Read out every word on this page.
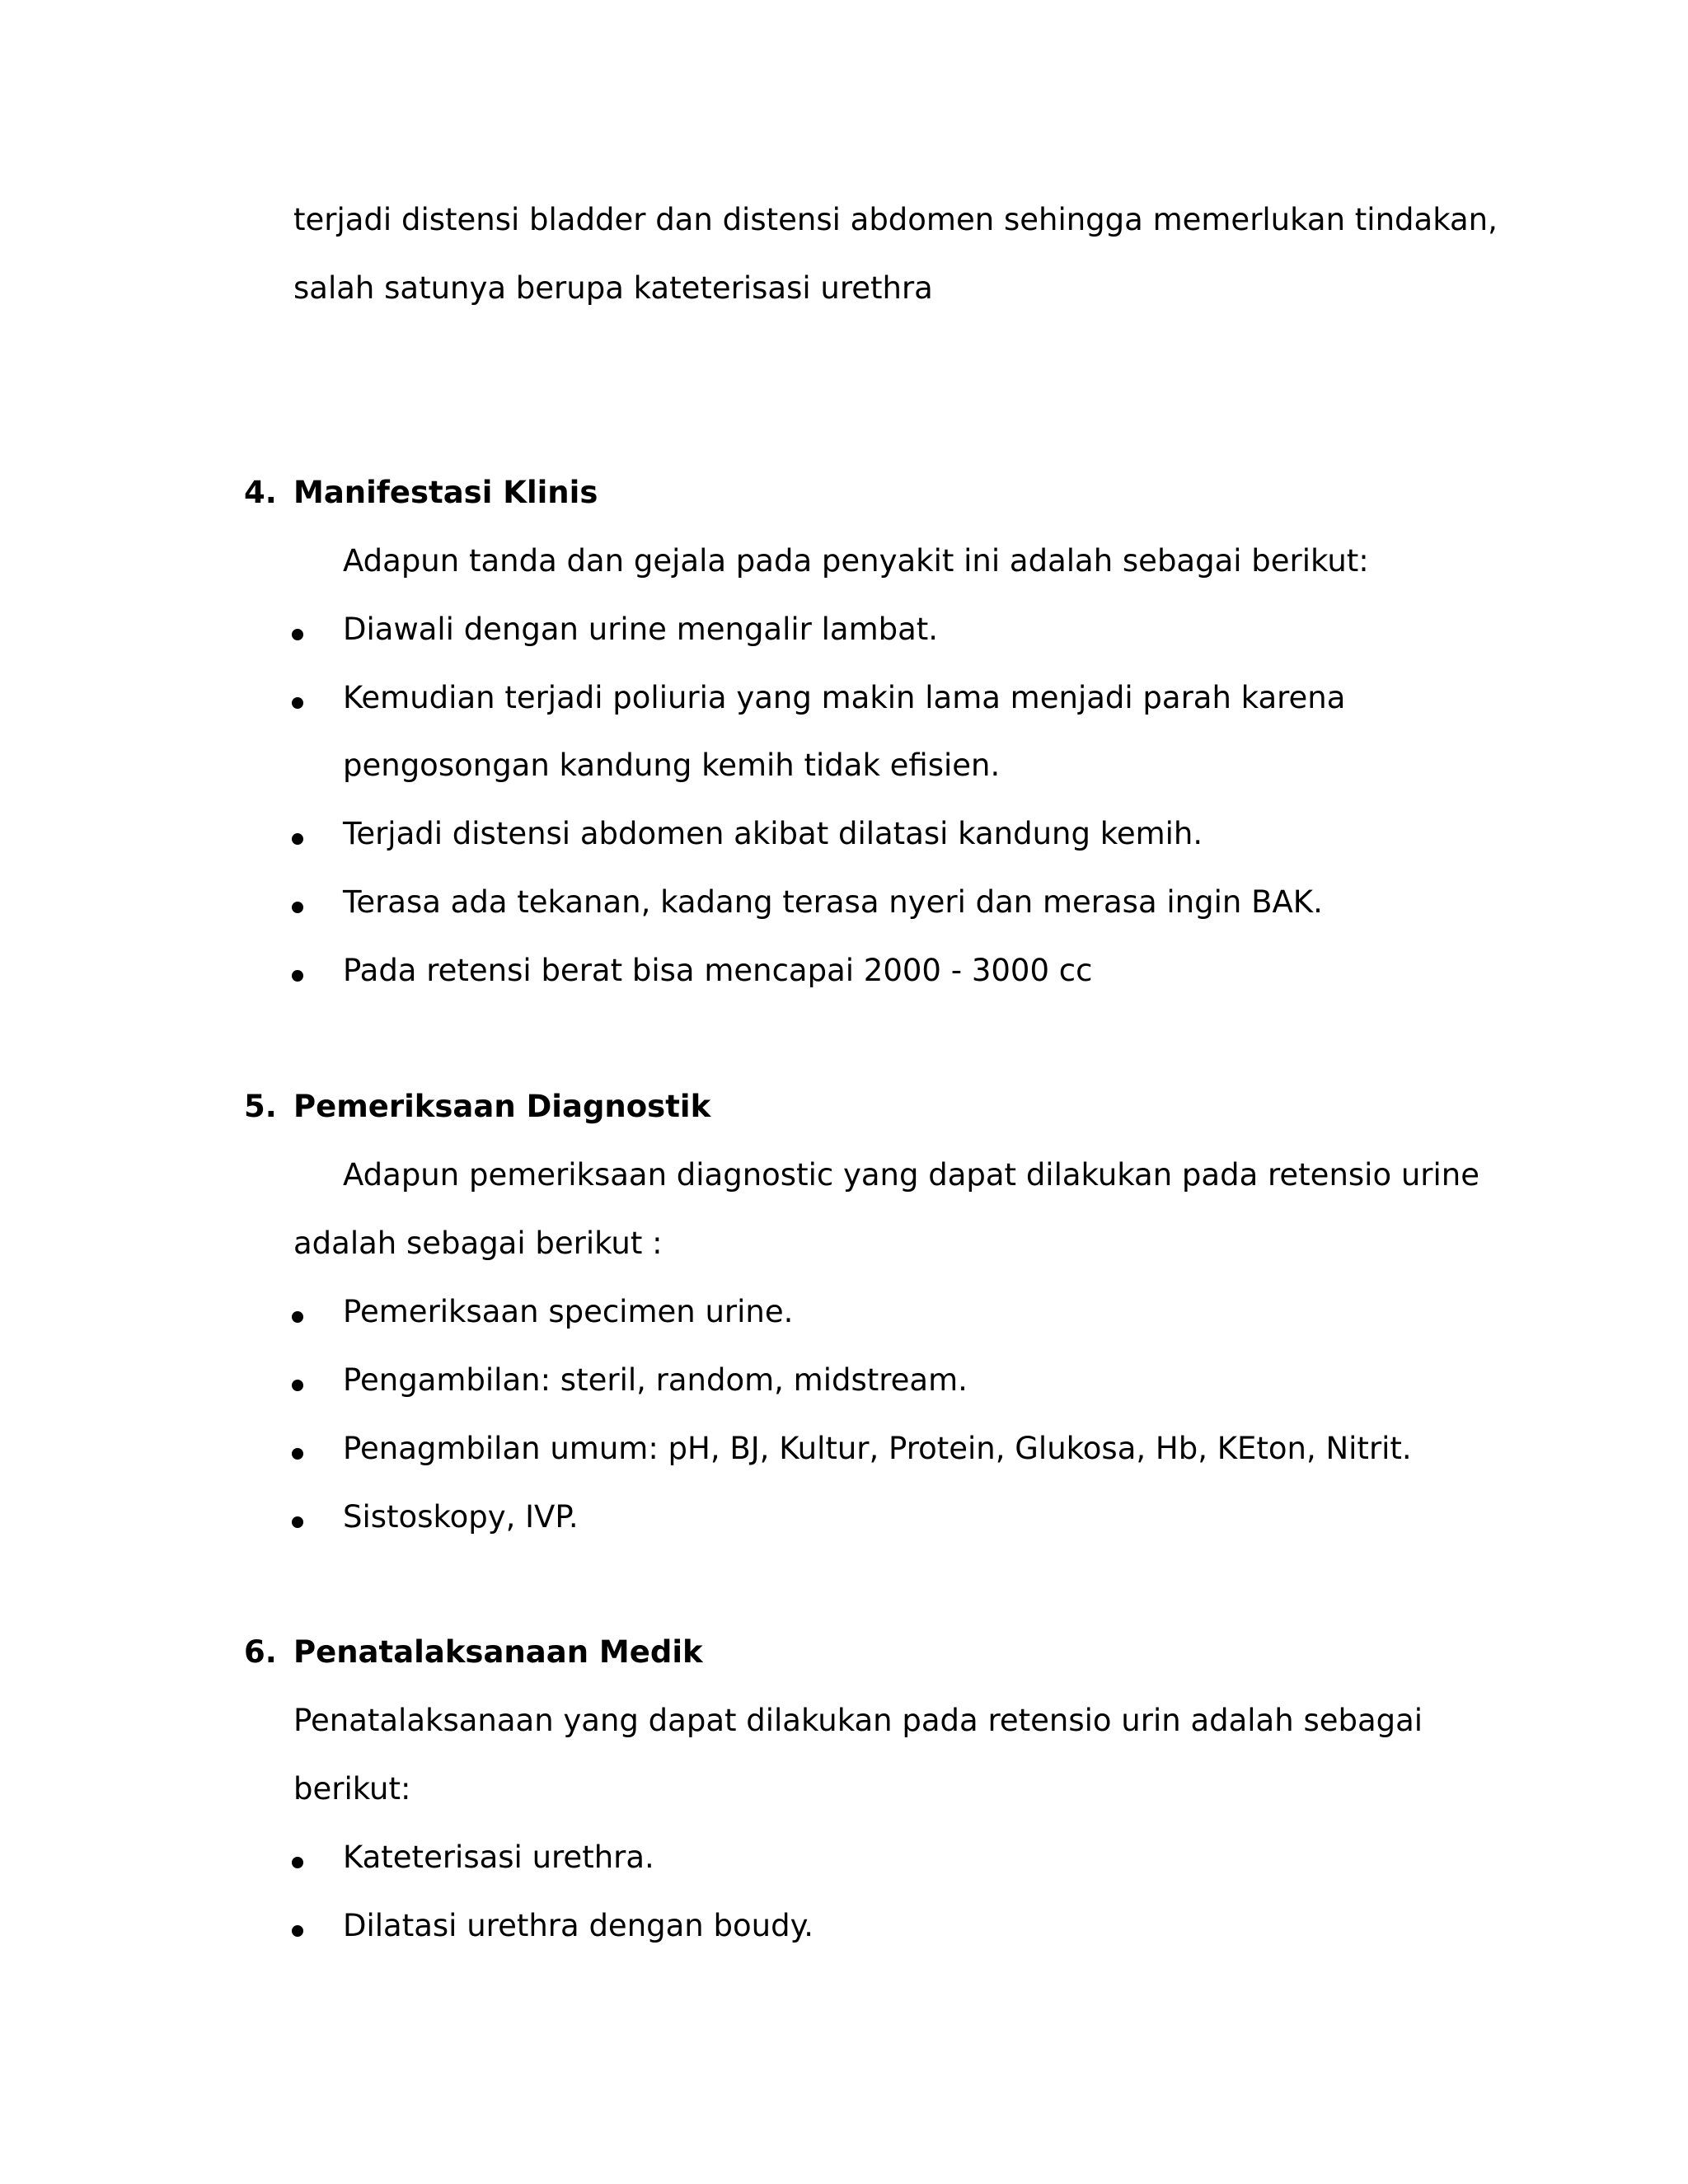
terjadi distensi bladder dan distensi abdomen sehingga memerlukan tindakan,
salah satunya berupa kateterisasi urethra
4. Manifestasi Klinis
Adapun tanda dan gejala pada penyakit ini adalah sebagai berikut:
Diawali dengan urine mengalir lambat.
Kemudian terjadi poliuria yang makin lama menjadi parah karena
pengosongan kandung kemih tidak efisien.
Terjadi distensi abdomen akibat dilatasi kandung kemih.
Terasa ada tekanan, kadang terasa nyeri dan merasa ingin BAK.
Pada retensi berat bisa mencapai 2000 - 3000 cc
5. Pemeriksaan Diagnostik
Adapun pemeriksaan diagnostic yang dapat dilakukan pada retensio urine
adalah sebagai berikut :
Pemeriksaan specimen urine.
Pengambilan: steril, random, midstream.
Penagmbilan umum: pH, BJ, Kultur, Protein, Glukosa, Hb, KEton, Nitrit.
Sistoskopy, IVP.
6. Penatalaksanaan Medik
Penatalaksanaan yang dapat dilakukan pada retensio urin adalah sebagai
berikut:
Kateterisasi urethra.
Dilatasi urethra dengan boudy.
